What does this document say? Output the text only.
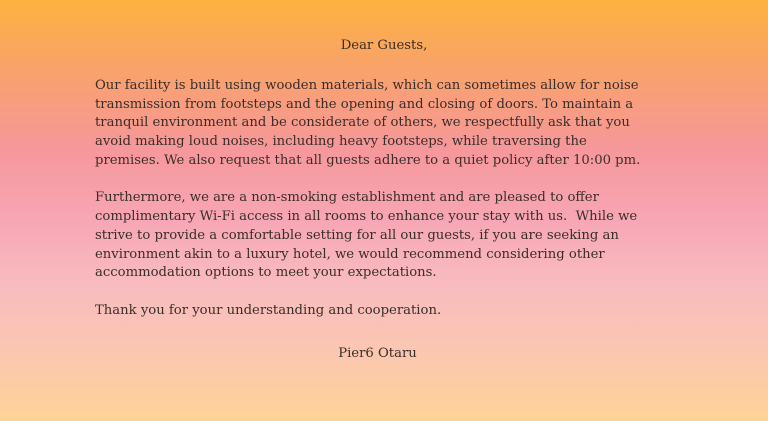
Dear Guests,

Our facility is built using wooden materials, which can sometimes allow for noise
transmission from footsteps and the opening and closing of doors. To maintain a
tranquil environment and be considerate of others, we respectfully ask that you
avoid making loud noises, including heavy footsteps, while traversing the
premises. We also request that all guests adhere to a quiet policy after 10:00 pm.

Furthermore, we are a non-smoking establishment and are pleased to offer
complimentary Wi-Fi access in all rooms to enhance your stay with us.  While we
strive to provide a comfortable setting for all our guests, if you are seeking an
environment akin to a luxury hotel, we would recommend considering other
accommodation options to meet your expectations.

Thank you for your understanding and cooperation.

Pier6 Otaru
